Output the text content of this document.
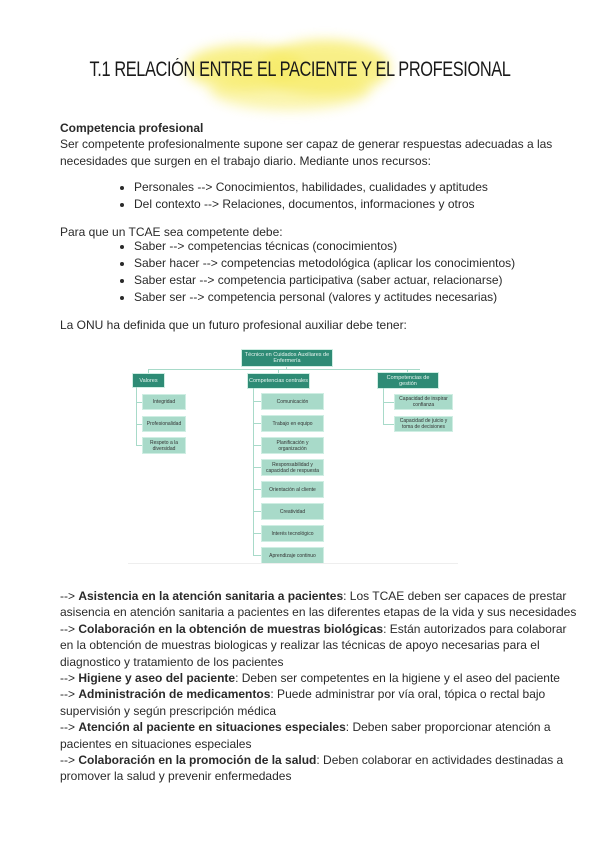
T.1 RELACIÓN ENTRE EL PACIENTE Y EL PROFESIONAL
Competencia profesional
Ser competente profesionalmente supone ser capaz de generar respuestas adecuadas a las
necesidades que surgen en el trabajo diario. Mediante unos recursos:
• Personales --> Conocimientos, habilidades, cualidades y aptitudes
• Del contexto --> Relaciones, documentos, informaciones y otros
Para que un TCAE sea competente debe:
• Saber --> competencias técnicas (conocimientos)
• Saber hacer --> competencias metodológica (aplicar los conocimientos)
• Saber estar --> competencia participativa (saber actuar, relacionarse)
• Saber ser --> competencia personal (valores y actitudes necesarias)
La ONU ha definida que un futuro profesional auxiliar debe tener:
Técnico en Cuidados Auxiliares de Enfermería
Valores	Competencias centrales
Competencias de gestión
Integridad
Profesionalidad
Respeto a la diversidad
Comunicación
Trabajo en equipo
Planificación y organización
Responsabilidad y capacidad de respuesta
Orientación al cliente
Creatividad
Interés tecnológico
Aprendizaje continuo
Capacidad de inspirar confianza
Capacidad de juicio y toma de decisiones
--> Asistencia en la atención sanitaria a pacientes: Los TCAE deben ser capaces de prestar
asisencia en atención sanitaria a pacientes en las diferentes etapas de la vida y sus necesidades
--> Colaboración en la obtención de muestras biológicas: Están autorizados para colaborar
en la obtención de muestras biologicas y realizar las técnicas de apoyo necesarias para el
diagnostico y tratamiento de los pacientes
--> Higiene y aseo del paciente: Deben ser competentes en la higiene y el aseo del paciente
--> Administración de medicamentos: Puede administrar por vía oral, tópica o rectal bajo
supervisión y según prescripción médica
--> Atención al paciente en situaciones especiales: Deben saber proporcionar atención a
pacientes en situaciones especiales
--> Colaboración en la promoción de la salud: Deben colaborar en actividades destinadas a
promover la salud y prevenir enfermedades
